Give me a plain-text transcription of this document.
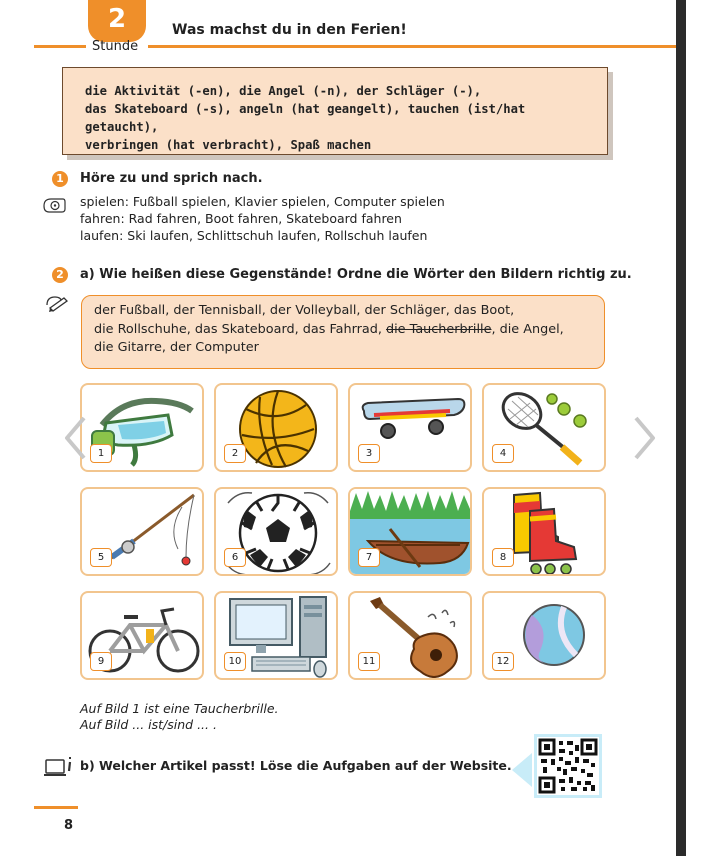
2
Stunde
Was machst du in den Ferien!
die Aktivität (-en), die Angel (-n), der Schläger (-),
das Skateboard (-s), angeln (hat geangelt), tauchen (ist/hat getaucht),
verbringen (hat verbracht), Spaß machen
1	Höre zu und sprich nach.
spielen: Fußball spielen, Klavier spielen, Computer spielen
fahren: Rad fahren, Boot fahren, Skateboard fahren
laufen: Ski laufen, Schlittschuh laufen, Rollschuh laufen
2	a) Wie heißen diese Gegenstände! Ordne die Wörter den Bildern richtig zu.
der Fußball, der Tennisball, der Volleyball, der Schläger, das Boot,
die Rollschuhe, das Skateboard, das Fahrrad, die Taucherbrille, die Angel,
die Gitarre, der Computer
1	2	3	4
5	6	7	8
9	10	11	12
Auf Bild 1 ist eine Taucherbrille.
Auf Bild ... ist/sind ... .
b) Welcher Artikel passt! Löse die Aufgaben auf der Website.
8
